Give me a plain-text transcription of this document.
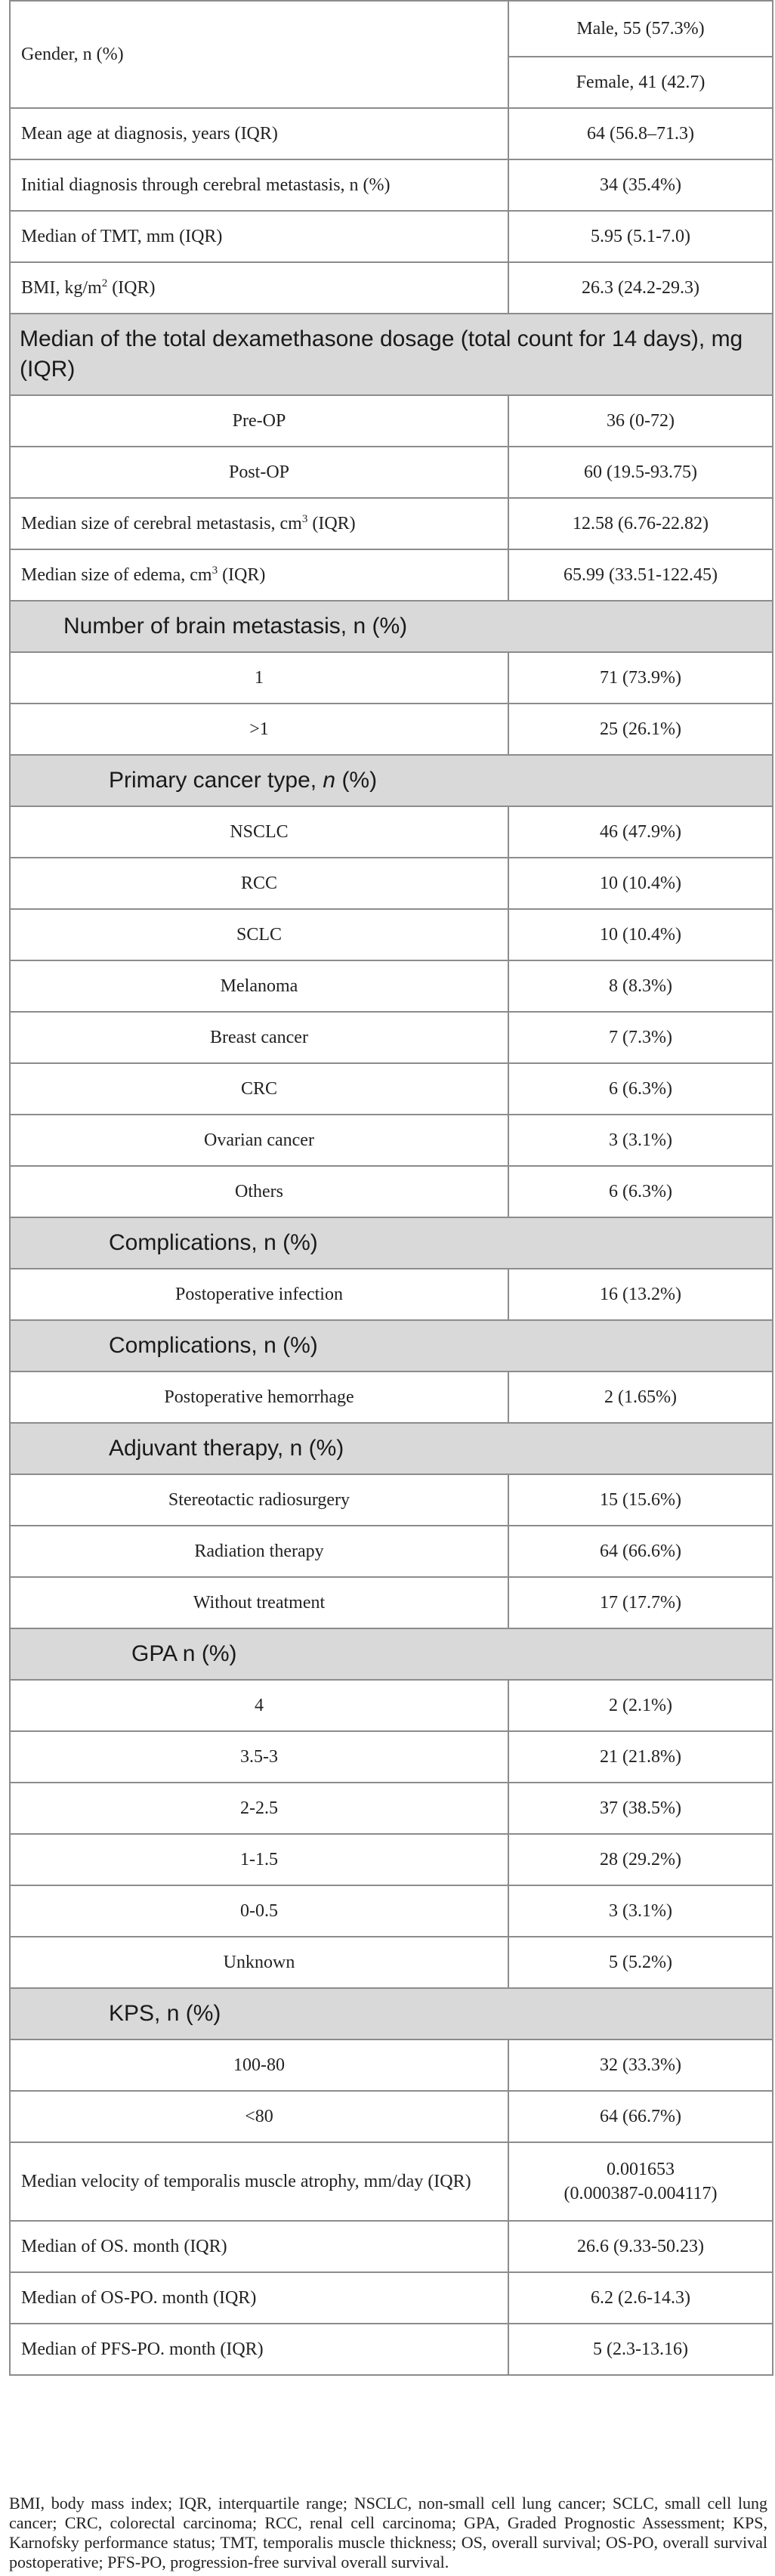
Gender, n (%)	Male, 55 (57.3%)
	Female, 41 (42.7)
Mean age at diagnosis, years (IQR)	64 (56.8–71.3)
Initial diagnosis through cerebral metastasis, n (%)	34 (35.4%)
Median of TMT, mm (IQR)	5.95 (5.1-7.0)
BMI, $kg/m^2$ (IQR)	26.3 (24.2-29.3)
Median of the total dexamethasone dosage (total count for 14 days), mg (IQR)	
Pre-OP	36 (0-72)
Post-OP	60 (19.5-93.75)
Median size of cerebral metastasis, $cm^3$ (IQR)	12.58 (6.76-22.82)
Median size of edema, $cm^3$ (IQR)	65.99 (33.51-122.45)
Number of brain metastasis, n (%)	
1	71 (73.9%)
>1	25 (26.1%)
Primary cancer type, n (%)	
NSCLC	46 (47.9%)
RCC	10 (10.4%)
SCLC	10 (10.4%)
Melanoma	8 (8.3%)
Breast cancer	7 (7.3%)
CRC	6 (6.3%)
Ovarian cancer	3 (3.1%)
Others	6 (6.3%)
Complications, n (%)	
Postoperative infection	16 (13.2%)
Complications, n (%)	
Postoperative hemorrhage	2 (1.65%)
Adjuvant therapy, n (%)	
Stereotactic radiosurgery	15 (15.6%)
Radiation therapy	64 (66.6%)
Without treatment	17 (17.7%)
GPA n (%)	
4	2 (2.1%)
3.5-3	21 (21.8%)
2-2.5	37 (38.5%)
1-1.5	28 (29.2%)
0-0.5	3 (3.1%)
Unknown	5 (5.2%)
KPS, n (%)	
100-80	32 (33.3%)
<80	64 (66.7%)
Median velocity of temporalis muscle atrophy, mm/day (IQR)	0.001653
(0.000387-0.004117)

Median of OS. month (IQR)	26.6 (9.33-50.23)
Median of OS-PO. month (IQR)	6.2 (2.6-14.3)
Median of PFS-PO. month (IQR)	5 (2.3-13.16)
BMI, body mass index; IQR, interquartile range; NSCLC, non-small cell lung cancer; SCLC, small cell lung cancer; CRC, colorectal carcinoma; RCC, renal cell carcinoma; GPA, Graded Prognostic Assessment; KPS, Karnofsky performance status; TMT, temporalis muscle thickness; OS, overall survival; OS-PO, overall survival postoperative; PFS-PO, progression-free survival overall survival.
